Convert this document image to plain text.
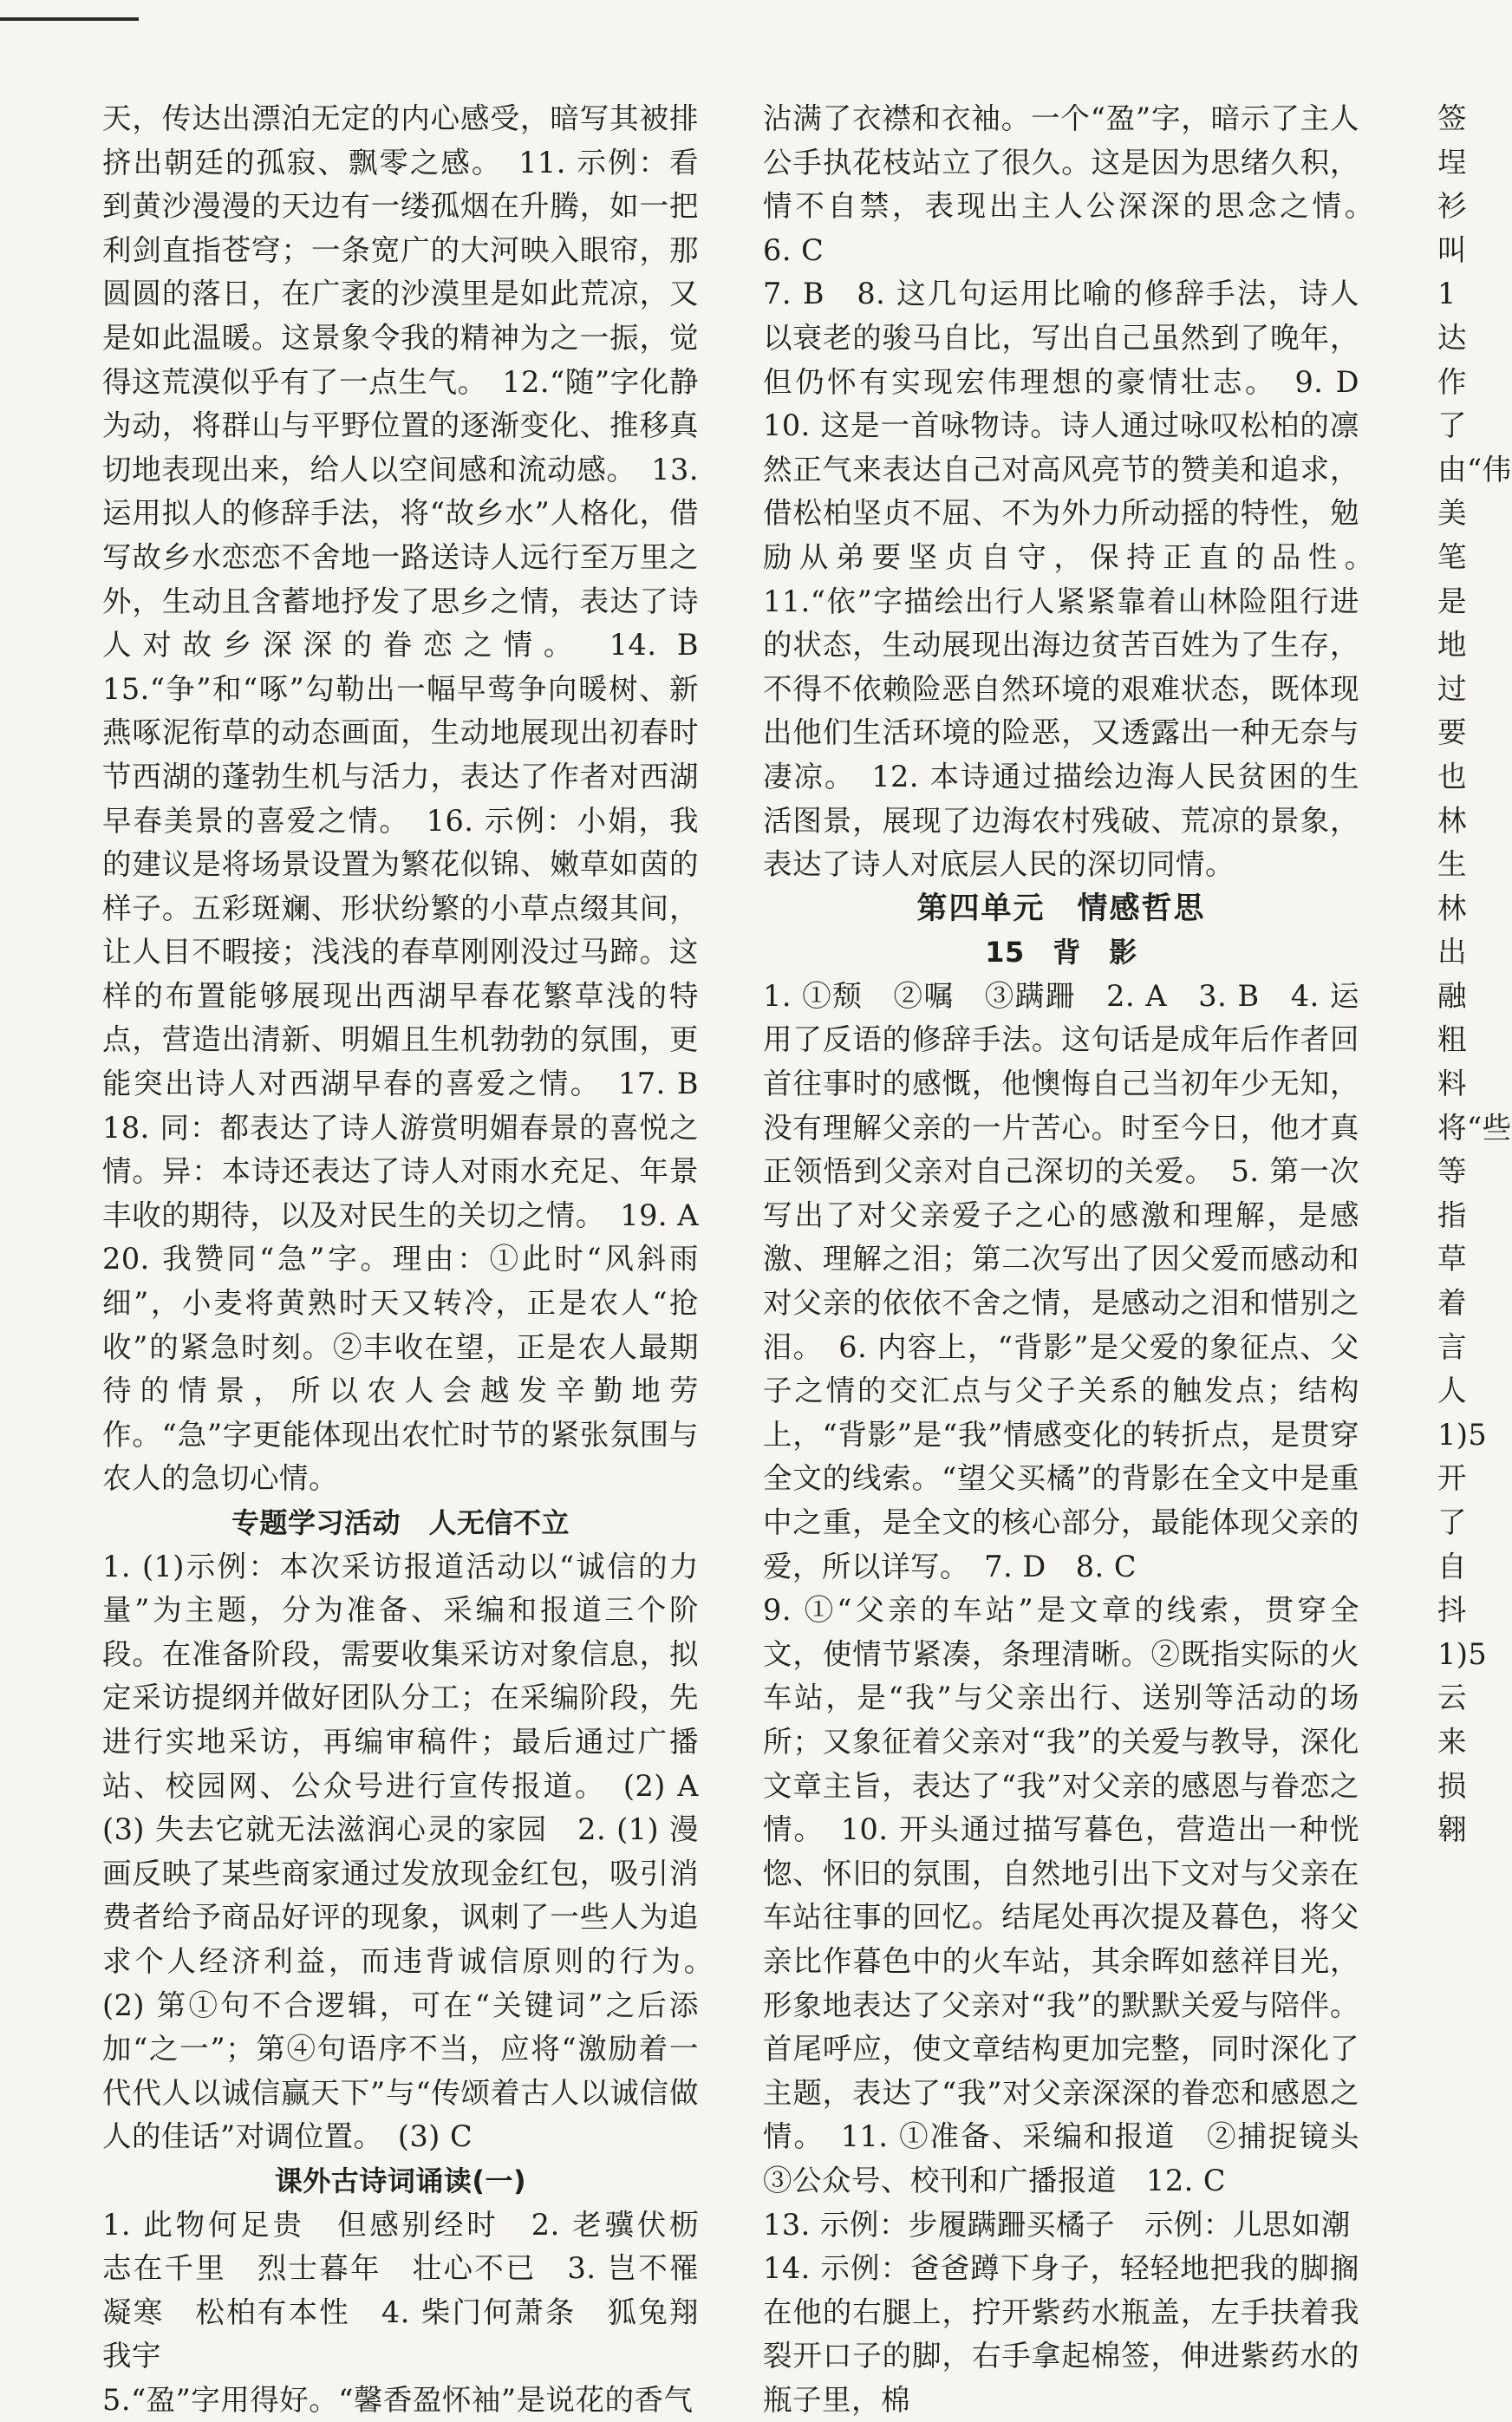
天，传达出漂泊无定的内心感受，暗写其被排挤出朝廷的孤寂、飘零之感。　11. 示例：看到黄沙漫漫的天边有一缕孤烟在升腾，如一把利剑直指苍穹；一条宽广的大河映入眼帘，那圆圆的落日，在广袤的沙漠里是如此荒凉，又是如此温暖。这景象令我的精神为之一振，觉得这荒漠似乎有了一点生气。　12.“随”字化静为动，将群山与平野位置的逐渐变化、推移真切地表现出来，给人以空间感和流动感。　13. 运用拟人的修辞手法，将“故乡水”人格化，借写故乡水恋恋不舍地一路送诗人远行至万里之外，生动且含蓄地抒发了思乡之情，表达了诗人对故乡深深的眷恋之情。　14. B　15.“争”和“啄”勾勒出一幅早莺争向暖树、新燕啄泥衔草的动态画面，生动地展现出初春时节西湖的蓬勃生机与活力，表达了作者对西湖早春美景的喜爱之情。　16. 示例：小娟，我的建议是将场景设置为繁花似锦、嫩草如茵的样子。五彩斑斓、形状纷繁的小草点缀其间，让人目不暇接；浅浅的春草刚刚没过马蹄。这样的布置能够展现出西湖早春花繁草浅的特点，营造出清新、明媚且生机勃勃的氛围，更能突出诗人对西湖早春的喜爱之情。　17. B　18. 同：都表达了诗人游赏明媚春景的喜悦之情。异：本诗还表达了诗人对雨水充足、年景丰收的期待，以及对民生的关切之情。　19. A　20. 我赞同“急”字。理由：①此时“风斜雨细”，小麦将黄熟时天又转冷，正是农人“抢收”的紧急时刻。②丰收在望，正是农人最期待的情景，所以农人会越发辛勤地劳作。“急”字更能体现出农忙时节的紧张氛围与农人的急切心情。

专题学习活动　人无信不立

1. (1)示例：本次采访报道活动以“诚信的力量”为主题，分为准备、采编和报道三个阶段。在准备阶段，需要收集采访对象信息，拟定采访提纲并做好团队分工；在采编阶段，先进行实地采访，再编审稿件；最后通过广播站、校园网、公众号进行宣传报道。　(2) A　(3) 失去它就无法滋润心灵的家园　2. (1) 漫画反映了某些商家通过发放现金红包，吸引消费者给予商品好评的现象，讽刺了一些人为追求个人经济利益，而违背诚信原则的行为。　(2) 第①句不合逻辑，可在“关键词”之后添加“之一”；第④句语序不当，应将“激励着一代代人以诚信赢天下”与“传颂着古人以诚信做人的佳话”对调位置。　(3) C

课外古诗词诵读(一)

1. 此物何足贵　但感别经时　2. 老骥伏枥　志在千里　烈士暮年　壮心不已　3. 岂不罹凝寒　松柏有本性　4. 柴门何萧条　狐兔翔我宇

5.“盈”字用得好。“馨香盈怀袖”是说花的香气

沾满了衣襟和衣袖。一个“盈”字，暗示了主人公手执花枝站立了很久。这是因为思绪久积，情不自禁，表现出主人公深深的思念之情。　6. C

7. B　8. 这几句运用比喻的修辞手法，诗人以衰老的骏马自比，写出自己虽然到了晚年，但仍怀有实现宏伟理想的豪情壮志。　9. D　10. 这是一首咏物诗。诗人通过咏叹松柏的凛然正气来表达自己对高风亮节的赞美和追求，借松柏坚贞不屈、不为外力所动摇的特性，勉励从弟要坚贞自守，保持正直的品性。　11.“依”字描绘出行人紧紧靠着山林险阻行进的状态，生动展现出海边贫苦百姓为了生存，不得不依赖险恶自然环境的艰难状态，既体现出他们生活环境的险恶，又透露出一种无奈与凄凉。　12. 本诗通过描绘边海人民贫困的生活图景，展现了边海农村残破、荒凉的景象，表达了诗人对底层人民的深切同情。

第四单元　情感哲思

15　背　影

1. ①颓　②嘱　③蹒跚　2. A　3. B　4. 运用了反语的修辞手法。这句话是成年后作者回首往事时的感慨，他懊悔自己当初年少无知，没有理解父亲的一片苦心。时至今日，他才真正领悟到父亲对自己深切的关爱。　5. 第一次写出了对父亲爱子之心的感激和理解，是感激、理解之泪；第二次写出了因父爱而感动和对父亲的依依不舍之情，是感动之泪和惜别之泪。　6. 内容上，“背影”是父爱的象征点、父子之情的交汇点与父子关系的触发点；结构上，“背影”是“我”情感变化的转折点，是贯穿全文的线索。“望父买橘”的背影在全文中是重中之重，是全文的核心部分，最能体现父亲的爱，所以详写。　7. D　8. C

9. ①“父亲的车站”是文章的线索，贯穿全文，使情节紧凑，条理清晰。②既指实际的火车站，是“我”与父亲出行、送别等活动的场所；又象征着父亲对“我”的关爱与教导，深化文章主旨，表达了“我”对父亲的感恩与眷恋之情。　10. 开头通过描写暮色，营造出一种恍惚、怀旧的氛围，自然地引出下文对与父亲在车站往事的回忆。结尾处再次提及暮色，将父亲比作暮色中的火车站，其余晖如慈祥目光，形象地表达了父亲对“我”的默默关爱与陪伴。首尾呼应，使文章结构更加完整，同时深化了主题，表达了“我”对父亲深深的眷恋和感恩之情。　11. ①准备、采编和报道　②捕捉镜头　③公众号、校刊和广播报道　12. C

13. 示例：步履蹒跚买橘子　示例：儿思如潮

14. 示例：爸爸蹲下身子，轻轻地把我的脚搁在他的右腿上，拧开紫药水瓶盖，左手扶着我裂开口子的脚，右手拿起棉签，伸进紫药水的瓶子里，棉

签埕衫叫1达作了由“伟美笔是地过要也林生林出融粗料将“些等指草着言人1)5开了自抖1)5云来损翱
